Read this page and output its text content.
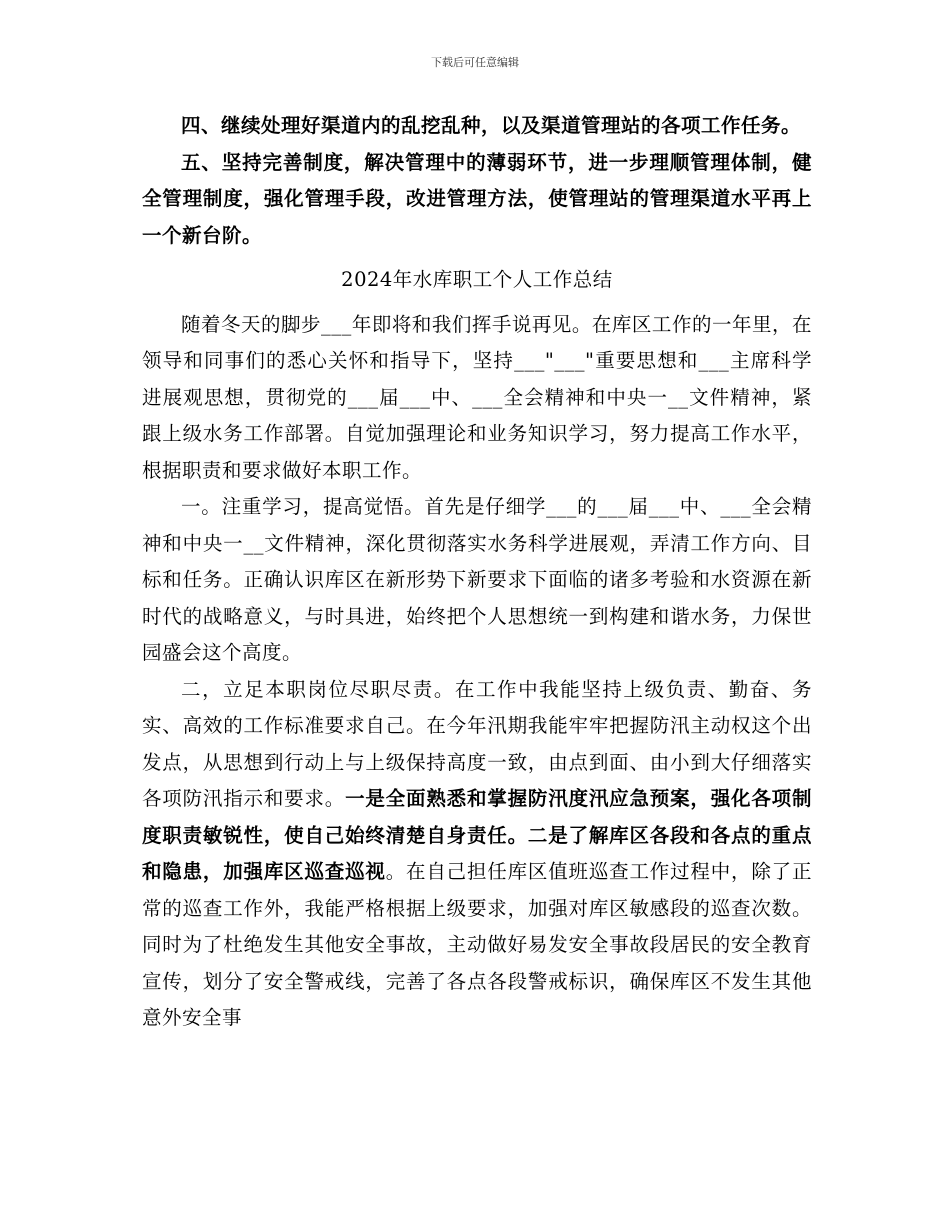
下载后可任意编辑

四、继续处理好渠道内的乱挖乱种，以及渠道管理站的各项工作任务。

五、坚持完善制度，解决管理中的薄弱环节，进一步理顺管理体制，健全管理制度，强化管理手段，改进管理方法，使管理站的管理渠道水平再上一个新台阶。

2024年水库职工个人工作总结

随着冬天的脚步___年即将和我们挥手说再见。在库区工作的一年里，在领导和同事们的悉心关怀和指导下，坚持___"___"重要思想和___主席科学进展观思想，贯彻党的___届___中、___全会精神和中央一__文件精神，紧跟上级水务工作部署。自觉加强理论和业务知识学习，努力提高工作水平，根据职责和要求做好本职工作。

一。注重学习，提高觉悟。首先是仔细学___的___届___中、___全会精神和中央一__文件精神，深化贯彻落实水务科学进展观，弄清工作方向、目标和任务。正确认识库区在新形势下新要求下面临的诸多考验和水资源在新时代的战略意义，与时具进，始终把个人思想统一到构建和谐水务，力保世园盛会这个高度。

二，立足本职岗位尽职尽责。在工作中我能坚持上级负责、勤奋、务实、高效的工作标准要求自己。在今年汛期我能牢牢把握防汛主动权这个出发点，从思想到行动上与上级保持高度一致，由点到面、由小到大仔细落实各项防汛指示和要求。一是全面熟悉和掌握防汛度汛应急预案，强化各项制度职责敏锐性，使自己始终清楚自身责任。二是了解库区各段和各点的重点和隐患，加强库区巡查巡视。在自己担任库区值班巡查工作过程中，除了正常的巡查工作外，我能严格根据上级要求，加强对库区敏感段的巡查次数。同时为了杜绝发生其他安全事故，主动做好易发安全事故段居民的安全教育宣传，划分了安全警戒线，完善了各点各段警戒标识，确保库区不发生其他意外安全事
